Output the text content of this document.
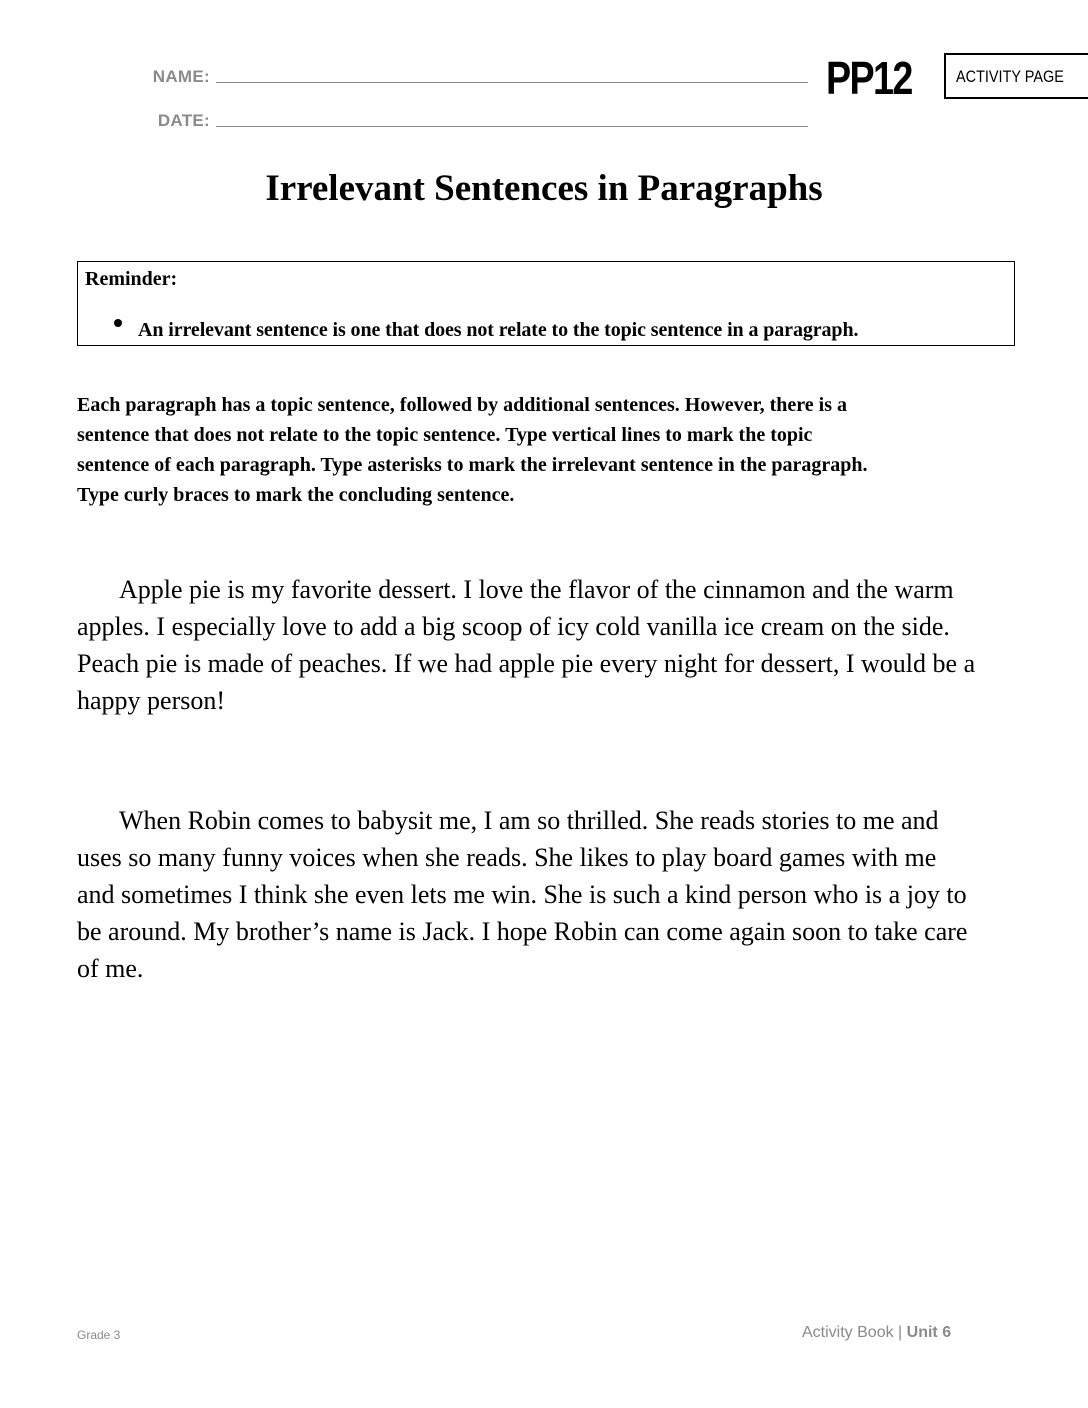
NAME:
DATE:
PP12	ACTIVITY PAGE
Irrelevant Sentences in Paragraphs
Reminder:
An irrelevant sentence is one that does not relate to the topic sentence in a paragraph.
Each paragraph has a topic sentence, followed by additional sentences. However, there is a
sentence that does not relate to the topic sentence. Type vertical lines to mark the topic
sentence of each paragraph. Type asterisks to mark the irrelevant sentence in the paragraph.
Type curly braces to mark the concluding sentence.
Apple pie is my favorite dessert. I love the flavor of the cinnamon and the warm
apples. I especially love to add a big scoop of icy cold vanilla ice cream on the side.
Peach pie is made of peaches. If we had apple pie every night for dessert, I would be a
happy person!
When Robin comes to babysit me, I am so thrilled. She reads stories to me and
uses so many funny voices when she reads. She likes to play board games with me
and sometimes I think she even lets me win. She is such a kind person who is a joy to
be around. My brother’s name is Jack. I hope Robin can come again soon to take care
of me.
Grade 3	Activity Book | Unit 6
